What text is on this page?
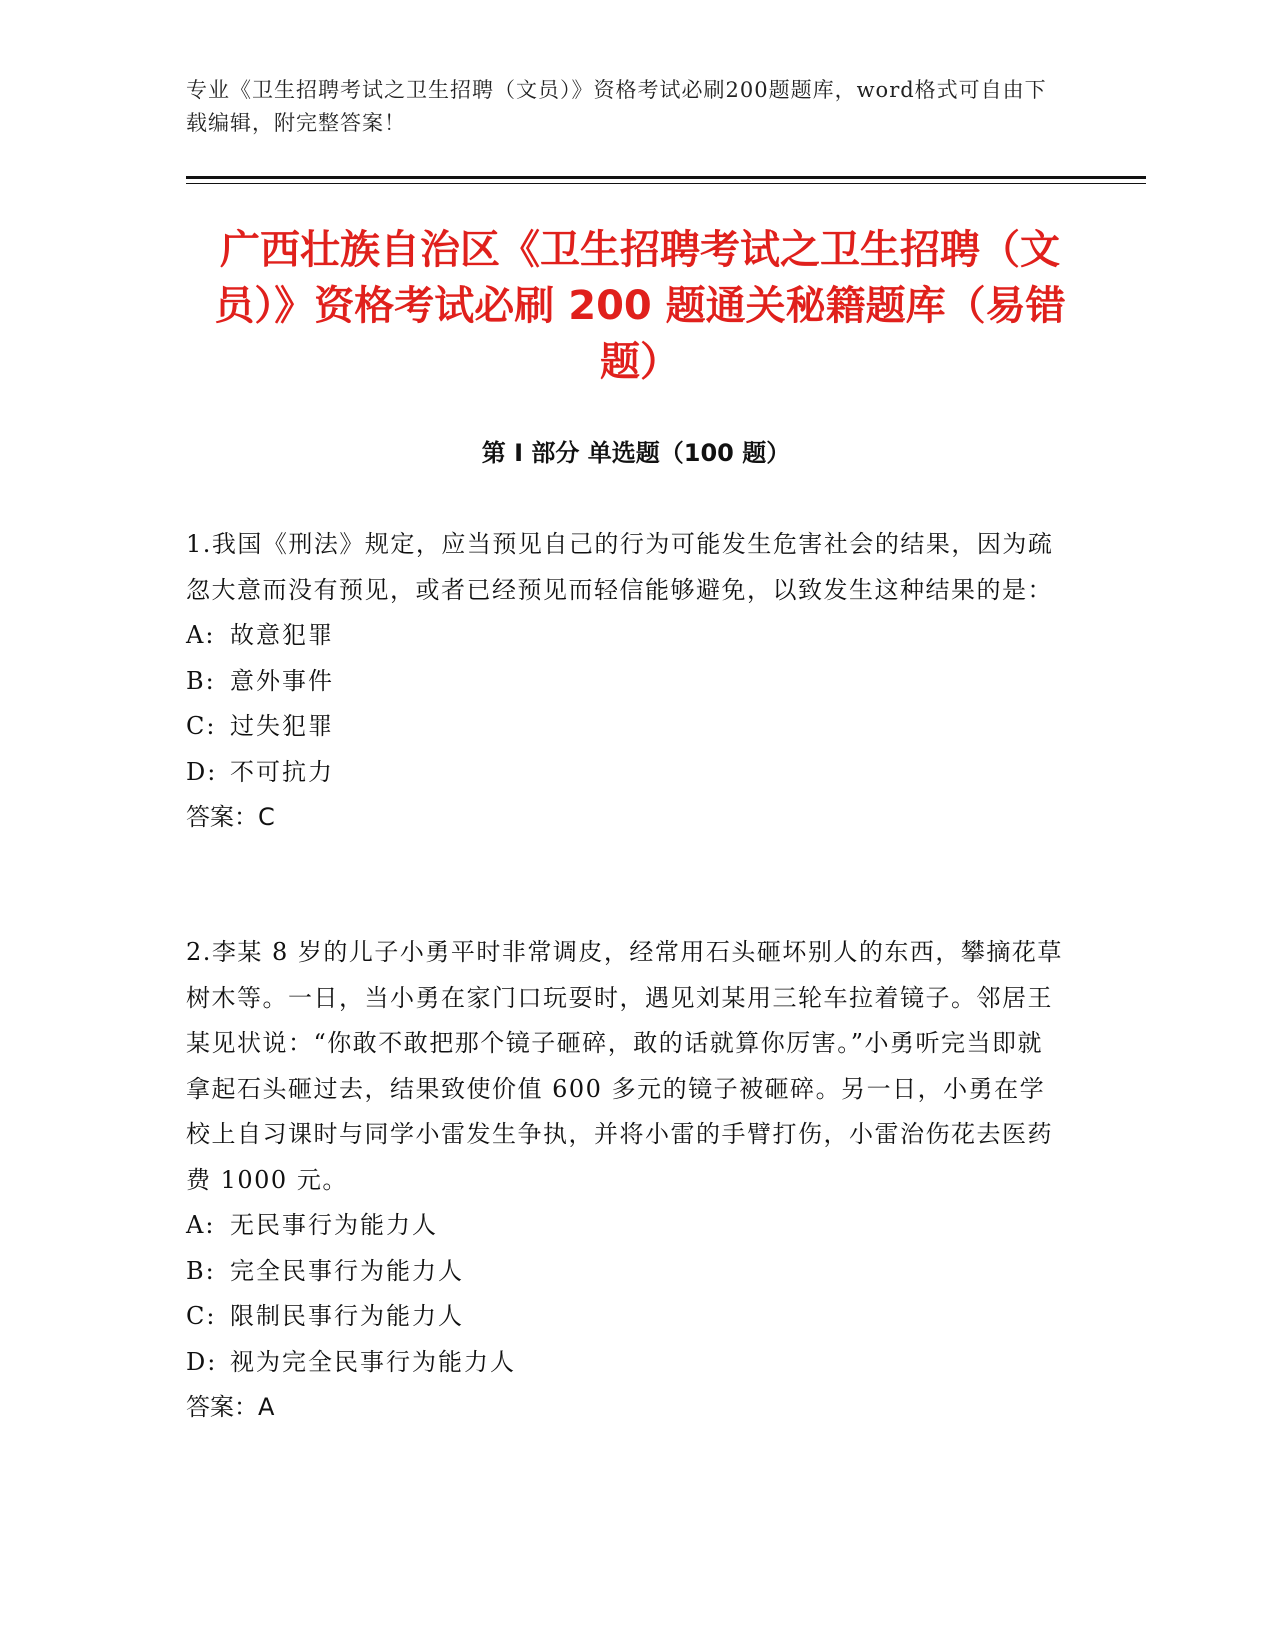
专业《卫生招聘考试之卫生招聘（文员）》资格考试必刷200题题库，word格式可自由下载编辑，附完整答案！
广西壮族自治区《卫生招聘考试之卫生招聘（文员）》资格考试必刷 200 题通关秘籍题库（易错题）
第 I 部分 单选题（100 题）

1.我国《刑法》规定，应当预见自己的行为可能发生危害社会的结果，因为疏忽大意而没有预见，或者已经预见而轻信能够避免，以致发生这种结果的是：

A: 故意犯罪

B: 意外事件

C: 过失犯罪

D: 不可抗力

答案：C

2.李某 8 岁的儿子小勇平时非常调皮，经常用石头砸坏别人的东西，攀摘花草树木等。一日，当小勇在家门口玩耍时，遇见刘某用三轮车拉着镜子。邻居王某见状说：“你敢不敢把那个镜子砸碎，敢的话就算你厉害。”小勇听完当即就拿起石头砸过去，结果致使价值 600 多元的镜子被砸碎。另一日，小勇在学校上自习课时与同学小雷发生争执，并将小雷的手臂打伤，小雷治伤花去医药费 1000 元。

A: 无民事行为能力人

B: 完全民事行为能力人

C: 限制民事行为能力人

D: 视为完全民事行为能力人

答案：A
